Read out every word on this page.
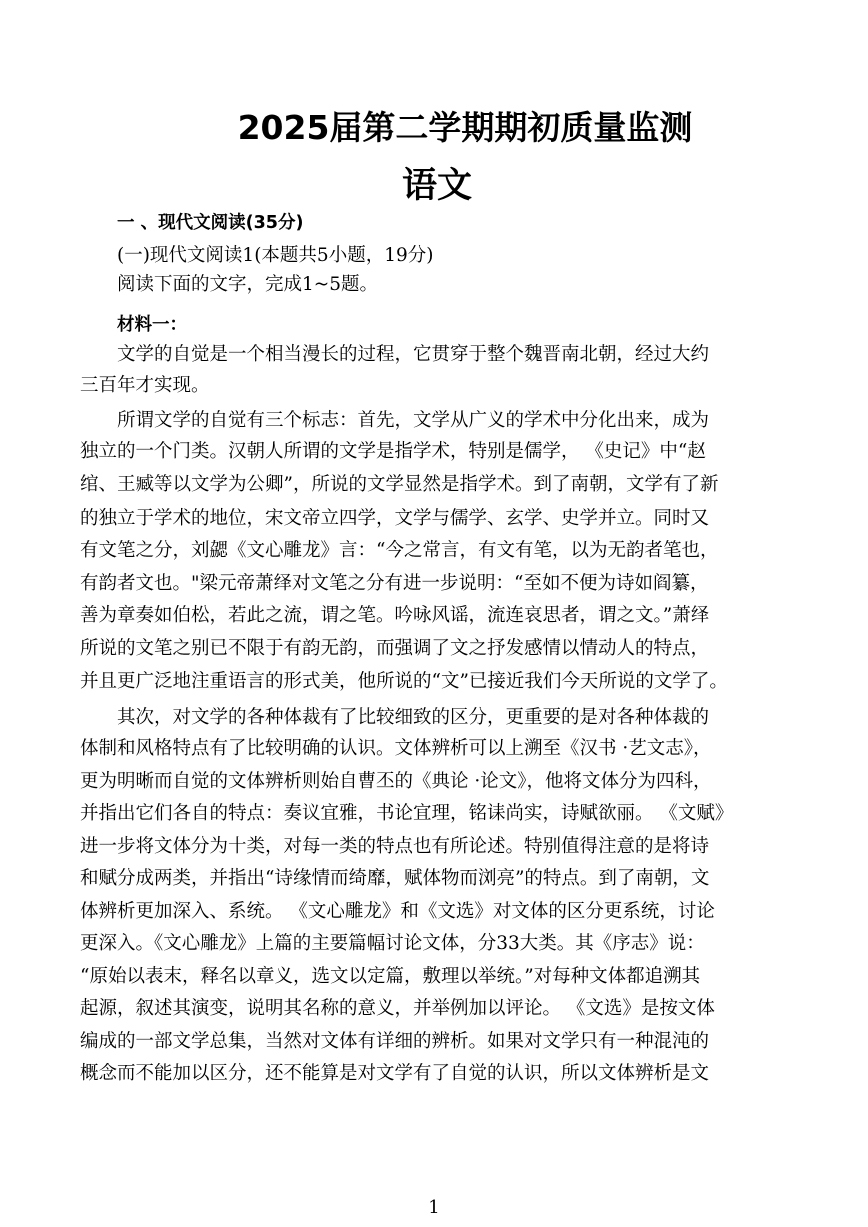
2025届第二学期期初质量监测
语文
一 、现代文阅读(35分)
(一)现代文阅读1(本题共5小题，19分)
阅读下面的文字，完成1~5题。
材料一：
文学的自觉是一个相当漫长的过程，它贯穿于整个魏晋南北朝，经过大约
三百年才实现。
所谓文学的自觉有三个标志：首先，文学从广义的学术中分化出来，成为
独立的一个门类。汉朝人所谓的文学是指学术，特别是儒学， 《史记》中“赵
绾、王臧等以文学为公卿”，所说的文学显然是指学术。到了南朝，文学有了新
的独立于学术的地位，宋文帝立四学，文学与儒学、玄学、史学并立。同时又
有文笔之分，刘勰《文心雕龙》言：“今之常言，有文有笔，以为无韵者笔也，
有韵者文也。"梁元帝萧绎对文笔之分有进一步说明：“至如不便为诗如阎纂，
善为章奏如伯松，若此之流，谓之笔。吟咏风谣，流连哀思者，谓之文。”萧绎
所说的文笔之别已不限于有韵无韵，而强调了文之抒发感情以情动人的特点，
并且更广泛地注重语言的形式美，他所说的“文”已接近我们今天所说的文学了。
其次，对文学的各种体裁有了比较细致的区分，更重要的是对各种体裁的
体制和风格特点有了比较明确的认识。文体辨析可以上溯至《汉书 ·艺文志》，
更为明晰而自觉的文体辨析则始自曹丕的《典论 ·论文》，他将文体分为四科，
并指出它们各自的特点：奏议宜雅，书论宜理，铭诔尚实，诗赋欲丽。 《文赋》
进一步将文体分为十类，对每一类的特点也有所论述。特别值得注意的是将诗
和赋分成两类，并指出“诗缘情而绮靡，赋体物而浏亮”的特点。到了南朝，文
体辨析更加深入、系统。 《文心雕龙》和《文选》对文体的区分更系统，讨论
更深入。《文心雕龙》上篇的主要篇幅讨论文体，分33大类。其《序志》说：
“原始以表末，释名以章义，选文以定篇，敷理以举统。”对每种文体都追溯其
起源，叙述其演变，说明其名称的意义，并举例加以评论。 《文选》是按文体
编成的一部文学总集，当然对文体有详细的辨析。如果对文学只有一种混沌的
概念而不能加以区分，还不能算是对文学有了自觉的认识，所以文体辨析是文
1
